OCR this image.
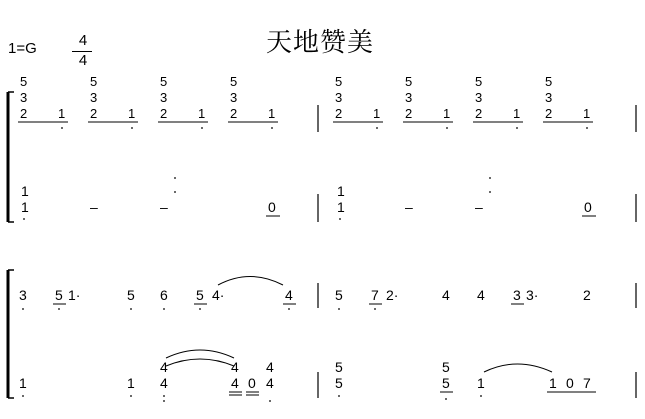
1=G	4
4
天地赞美
5
3
2 1
5
3
2 1
5
3
2 1
5
3
2 1
5
3
2 1
5
3
2 1
5
3
2 1
5
3
2 1
1
1	–	–	0
1
1	–	–	0
3 5 1·	5 6 5 4·	4	5 7 2·	4 4 3 3·	2
1	1
4
4
4
4 0
4
4
5
5
5
5 1	1 0 7
